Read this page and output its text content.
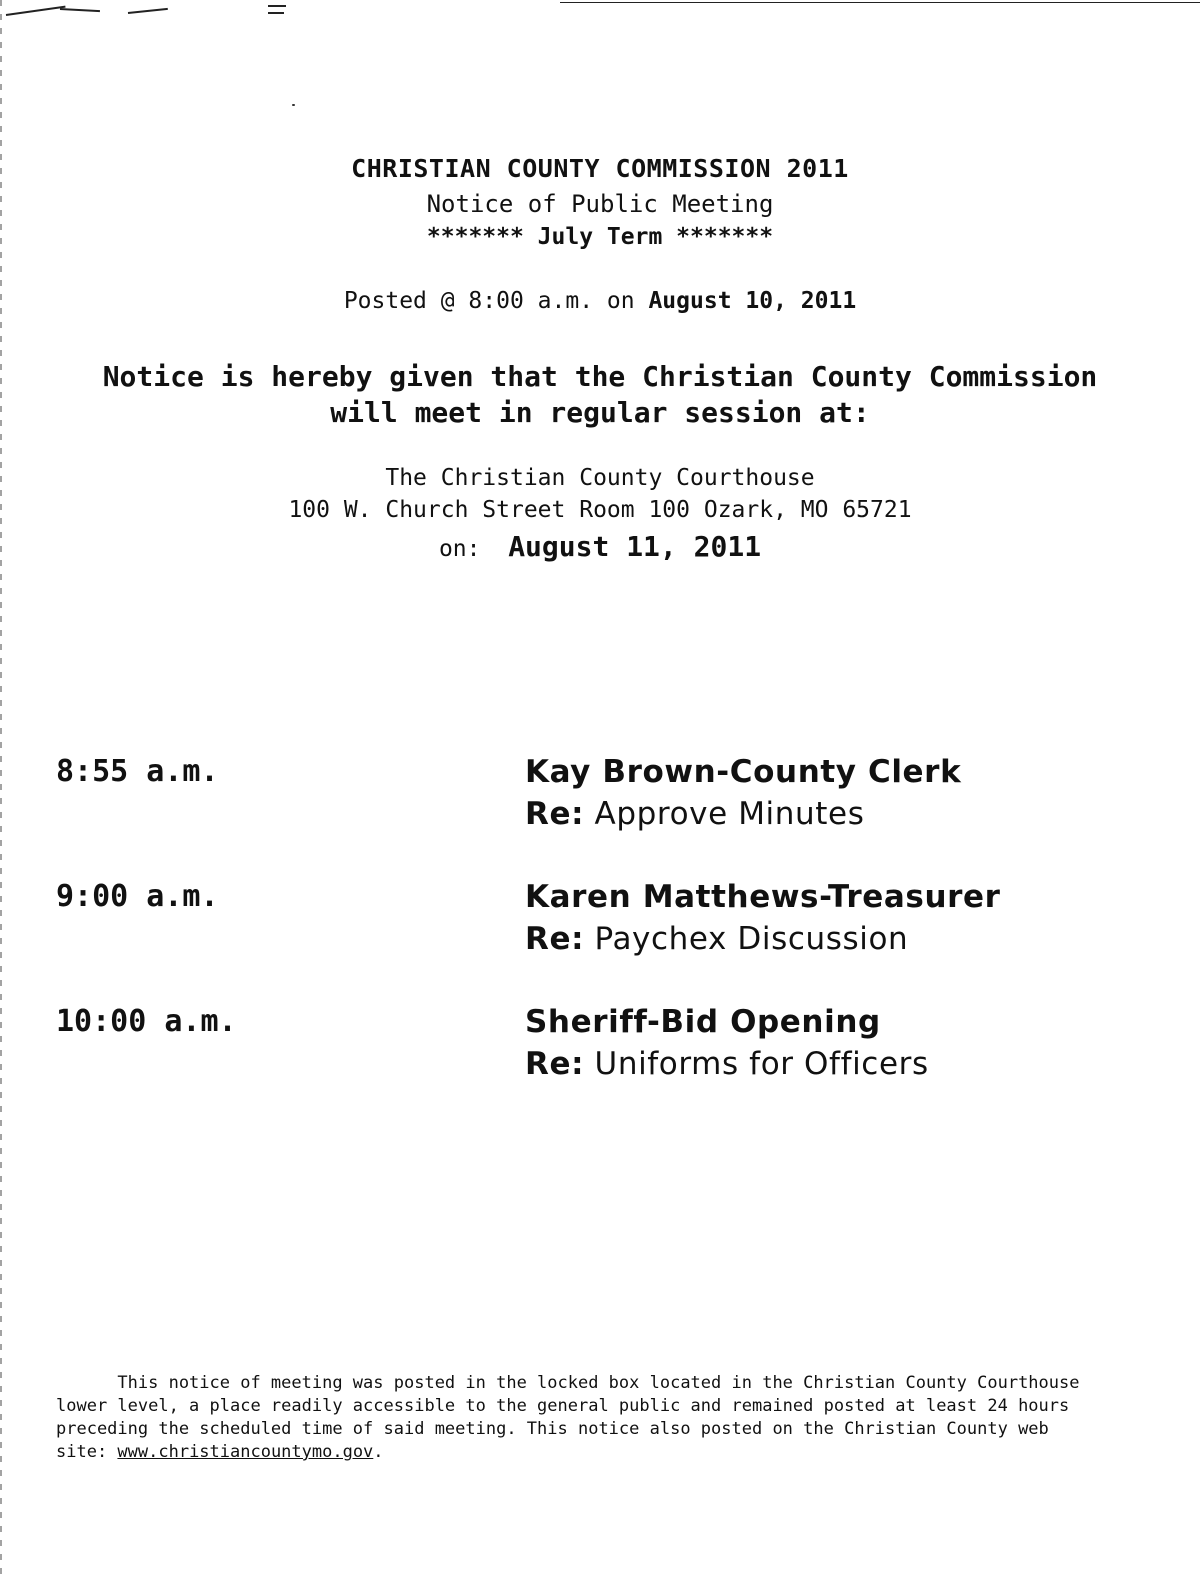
CHRISTIAN COUNTY COMMISSION 2011
Notice of Public Meeting
******* July Term *******
Posted @ 8:00 a.m. on August 10, 2011
Notice is hereby given that the Christian County Commission
will meet in regular session at:
The Christian County Courthouse
100 W. Church Street Room 100 Ozark, MO 65721
on:  August 11, 2011
8:55 a.m.	Kay Brown-County Clerk
Re: Approve Minutes
9:00 a.m.	Karen Matthews-Treasurer
Re: Paychex Discussion
10:00 a.m.	Sheriff-Bid Opening
Re: Uniforms for Officers
This notice of meeting was posted in the locked box located in the Christian County Courthouse
lower level, a place readily accessible to the general public and remained posted at least 24 hours
preceding the scheduled time of said meeting. This notice also posted on the Christian County web
site: www.christiancountymo.gov.
